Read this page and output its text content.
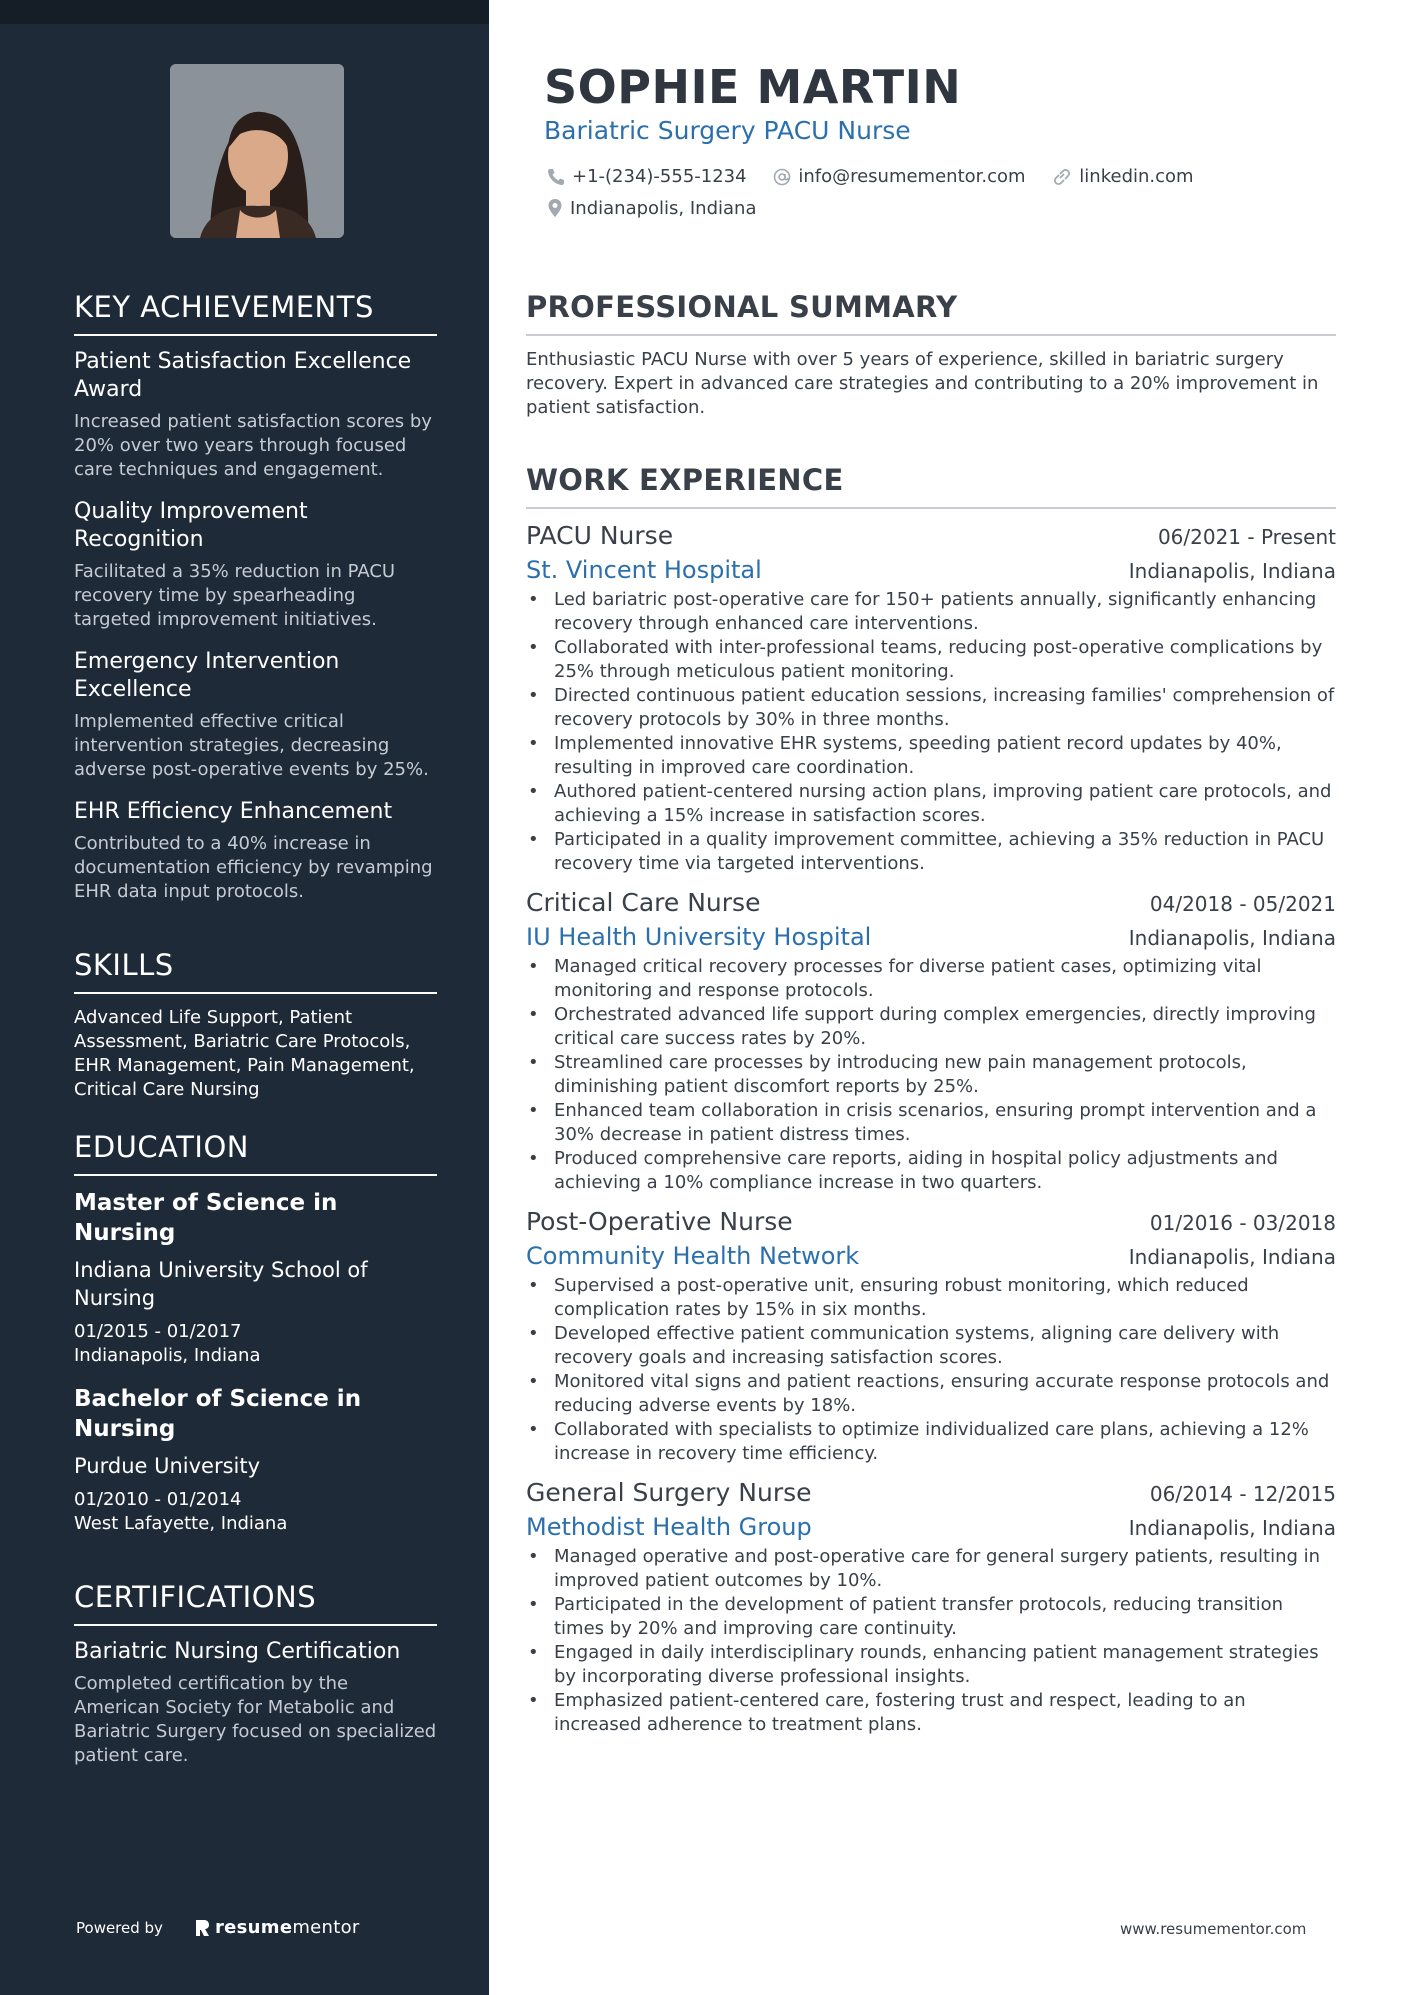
KEY ACHIEVEMENTS
Patient Satisfaction Excellence Award
Increased patient satisfaction scores by 20% over two years through focused care techniques and engagement.
Quality Improvement Recognition
Facilitated a 35% reduction in PACU recovery time by spearheading targeted improvement initiatives.
Emergency Intervention Excellence
Implemented effective critical intervention strategies, decreasing adverse post-operative events by 25%.
EHR Efficiency Enhancement
Contributed to a 40% increase in documentation efficiency by revamping EHR data input protocols.
SKILLS
Advanced Life Support, Patient Assessment, Bariatric Care Protocols, EHR Management, Pain Management, Critical Care Nursing
EDUCATION
Master of Science in Nursing
Indiana University School of Nursing
01/2015 - 01/2017
Indianapolis, Indiana
Bachelor of Science in Nursing
Purdue University
01/2010 - 01/2014
West Lafayette, Indiana
CERTIFICATIONS
Bariatric Nursing Certification
Completed certification by the American Society for Metabolic and Bariatric Surgery focused on specialized patient care.
Powered by	resume mentor
SOPHIE MARTIN
Bariatric Surgery PACU Nurse
+1-(234)-555-1234
	info@resumementor.com
	linkedin.com

Indianapolis, Indiana
PROFESSIONAL SUMMARY

Enthusiastic PACU Nurse with over 5 years of experience, skilled in bariatric surgery recovery. Expert in advanced care strategies and contributing to a 20% improvement in patient satisfaction.

WORK EXPERIENCE
PACU Nurse	06/2021 - Present
St. Vincent Hospital	Indianapolis, Indiana
• Led bariatric post-operative care for 150+ patients annually, significantly enhancing recovery through enhanced care interventions.
• Collaborated with inter-professional teams, reducing post-operative complications by 25% through meticulous patient monitoring.
• Directed continuous patient education sessions, increasing families' comprehension of recovery protocols by 30% in three months.
• Implemented innovative EHR systems, speeding patient record updates by 40%, resulting in improved care coordination.
• Authored patient-centered nursing action plans, improving patient care protocols, and achieving a 15% increase in satisfaction scores.
• Participated in a quality improvement committee, achieving a 35% reduction in PACU recovery time via targeted interventions.
Critical Care Nurse	04/2018 - 05/2021
IU Health University Hospital	Indianapolis, Indiana
• Managed critical recovery processes for diverse patient cases, optimizing vital monitoring and response protocols.
• Orchestrated advanced life support during complex emergencies, directly improving critical care success rates by 20%.
• Streamlined care processes by introducing new pain management protocols, diminishing patient discomfort reports by 25%.
• Enhanced team collaboration in crisis scenarios, ensuring prompt intervention and a 30% decrease in patient distress times.
• Produced comprehensive care reports, aiding in hospital policy adjustments and achieving a 10% compliance increase in two quarters.
Post-Operative Nurse	01/2016 - 03/2018
Community Health Network	Indianapolis, Indiana
• Supervised a post-operative unit, ensuring robust monitoring, which reduced complication rates by 15% in six months.
• Developed effective patient communication systems, aligning care delivery with recovery goals and increasing satisfaction scores.
• Monitored vital signs and patient reactions, ensuring accurate response protocols and reducing adverse events by 18%.
• Collaborated with specialists to optimize individualized care plans, achieving a 12% increase in recovery time efficiency.
General Surgery Nurse	06/2014 - 12/2015
Methodist Health Group	Indianapolis, Indiana
• Managed operative and post-operative care for general surgery patients, resulting in improved patient outcomes by 10%.
• Participated in the development of patient transfer protocols, reducing transition times by 20% and improving care continuity.
• Engaged in daily interdisciplinary rounds, enhancing patient management strategies by incorporating diverse professional insights.
• Emphasized patient-centered care, fostering trust and respect, leading to an increased adherence to treatment plans.
www.resumementor.com
